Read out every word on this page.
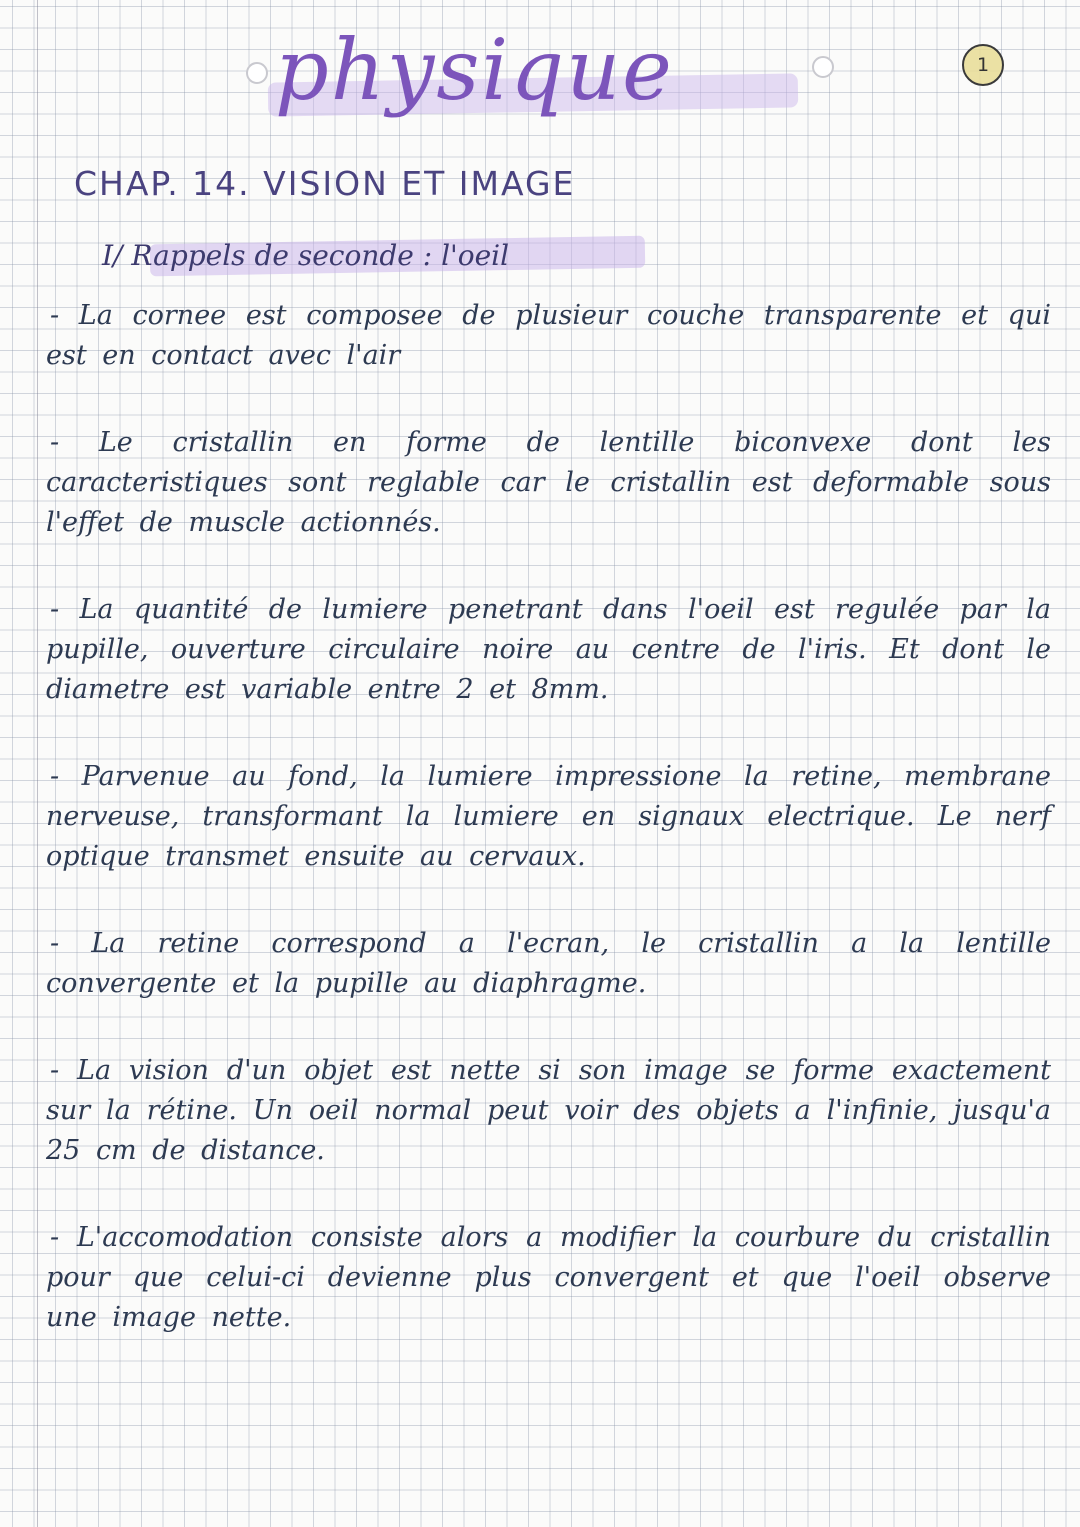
physique	1
CHAP. 14. VISION ET IMAGE
I/ Rappels de seconde : l'oeil

- La cornee est composee de plusieur couche transparente et qui est en contact avec l'air

- Le cristallin en forme de lentille biconvexe dont les caracteristiques sont reglable car le cristallin est deformable sous l'effet de muscle actionnés.

- La quantité de lumiere penetrant dans l'oeil est regulée par la pupille, ouverture circulaire noire au centre de l'iris. Et dont le diametre est variable entre 2 et 8mm.

- Parvenue au fond, la lumiere impressione la retine, membrane nerveuse, transformant la lumiere en signaux electrique. Le nerf optique transmet ensuite au cervaux.

- La retine correspond a l'ecran, le cristallin a la lentille convergente et la pupille au diaphragme.

- La vision d'un objet est nette si son image se forme exactement sur la rétine. Un oeil normal peut voir des objets a l'infinie, jusqu'a 25 cm de distance.

- L'accomodation consiste alors a modifier la courbure du cristallin pour que celui-ci devienne plus convergent et que l'oeil observe une image nette.
